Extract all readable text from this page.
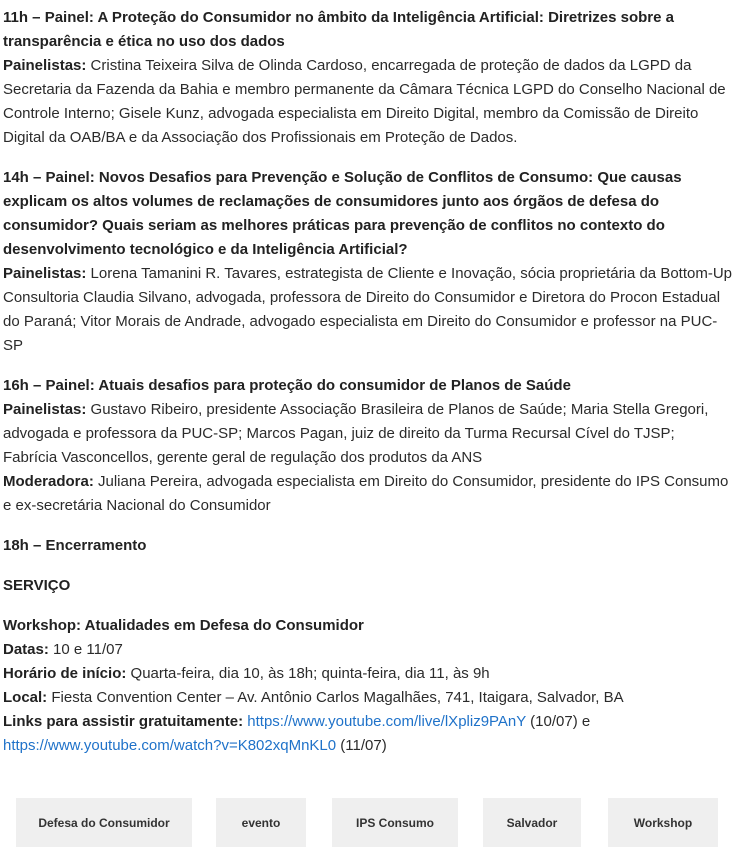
11h – Painel: A Proteção do Consumidor no âmbito da Inteligência Artificial: Diretrizes sobre a transparência e ética no uso dos dados
Painelistas: Cristina Teixeira Silva de Olinda Cardoso, encarregada de proteção de dados da LGPD da Secretaria da Fazenda da Bahia e membro permanente da Câmara Técnica LGPD do Conselho Nacional de Controle Interno; Gisele Kunz, advogada especialista em Direito Digital, membro da Comissão de Direito Digital da OAB/BA e da Associação dos Profissionais em Proteção de Dados.

14h – Painel: Novos Desafios para Prevenção e Solução de Conflitos de Consumo: Que causas explicam os altos volumes de reclamações de consumidores junto aos órgãos de defesa do consumidor? Quais seriam as melhores práticas para prevenção de conflitos no contexto do desenvolvimento tecnológico e da Inteligência Artificial?
Painelistas: Lorena Tamanini R. Tavares, estrategista de Cliente e Inovação, sócia proprietária da Bottom-Up Consultoria Claudia Silvano, advogada, professora de Direito do Consumidor e Diretora do Procon Estadual do Paraná; Vitor Morais de Andrade, advogado especialista em Direito do Consumidor e professor na PUC-SP

16h – Painel: Atuais desafios para proteção do consumidor de Planos de Saúde
Painelistas: Gustavo Ribeiro, presidente Associação Brasileira de Planos de Saúde; Maria Stella Gregori, advogada e professora da PUC-SP; Marcos Pagan, juiz de direito da Turma Recursal Cível do TJSP; Fabrícia Vasconcellos, gerente geral de regulação dos produtos da ANS
Moderadora: Juliana Pereira, advogada especialista em Direito do Consumidor, presidente do IPS Consumo e ex-secretária Nacional do Consumidor

18h – Encerramento

SERVIÇO

Workshop: Atualidades em Defesa do Consumidor
Datas: 10 e 11/07
Horário de início: Quarta-feira, dia 10, às 18h; quinta-feira, dia 11, às 9h
Local: Fiesta Convention Center – Av. Antônio Carlos Magalhães, 741, Itaigara, Salvador, BA
Links para assistir gratuitamente: https://www.youtube.com/live/lXpliz9PAnY (10/07) e
https://www.youtube.com/watch?v=K802xqMnKL0 (11/07)

Defesa do Consumidor	evento	IPS Consumo	Salvador	Workshop
